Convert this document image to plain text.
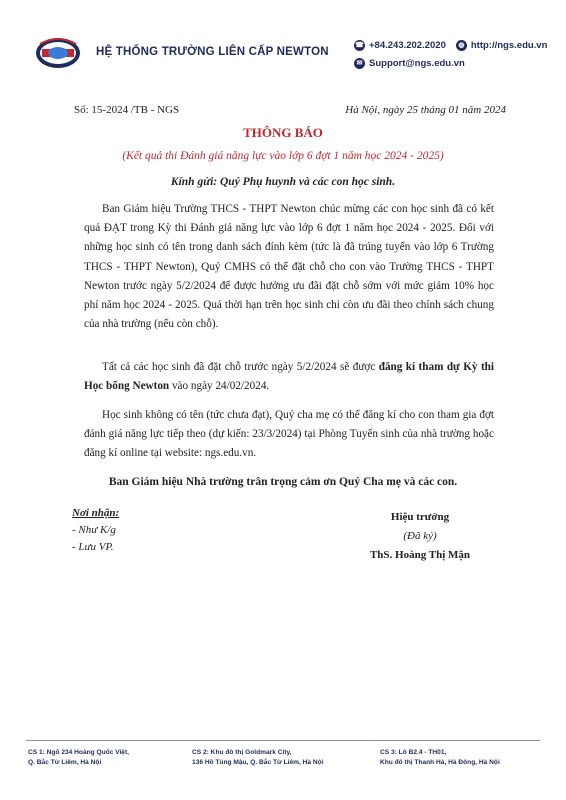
HỆ THỐNG TRƯỜNG LIÊN CẤP NEWTON
☎ +84.243.202.2020	◍ http://ngs.edu.vn
✉ Support@ngs.edu.vn
Số: 15-2024 /TB - NGS	Hà Nội, ngày 25 tháng 01 năm 2024
THÔNG BÁO
(Kết quả thi Đánh giá năng lực vào lớp 6 đợt 1 năm học 2024 - 2025)
Kính gửi: Quý Phụ huynh và các con học sinh.
Ban Giám hiệu Trường THCS - THPT Newton chúc mừng các con học sinh đã có kết quả ĐẠT trong Kỳ thi Đánh giá năng lực vào lớp 6 đợt 1 năm học 2024 - 2025. Đối với những học sinh có tên trong danh sách đính kèm (tức là đã trúng tuyển vào lớp 6 Trường THCS - THPT Newton), Quý CMHS có thể đặt chỗ cho con vào Trường THCS - THPT Newton trước ngày 5/2/2024 để được hưởng ưu đãi đặt chỗ sớm với mức giảm 10% học phí năm học 2024 - 2025. Quá thời hạn trên học sinh chỉ còn ưu đãi theo chính sách chung của nhà trường (nếu còn chỗ).
Tất cả các học sinh đã đặt chỗ trước ngày 5/2/2024 sẽ được đăng kí tham dự Kỳ thi Học bổng Newton vào ngày 24/02/2024.
Học sinh không có tên (tức chưa đạt), Quý cha mẹ có thể đăng kí cho con tham gia đợt đánh giá năng lực tiếp theo (dự kiến: 23/3/2024) tại Phòng Tuyển sinh của nhà trường hoặc đăng kí online tại website: ngs.edu.vn.
Ban Giám hiệu Nhà trường trân trọng cảm ơn Quý Cha mẹ và các con.
Nơi nhận:
- Như K/g
- Lưu VP.
Hiệu trưởng
(Đã ký)
ThS. Hoàng Thị Mận
CS 1: Ngõ 234 Hoàng Quốc Việt,
Q. Bắc Từ Liêm, Hà Nội
CS 2: Khu đô thị Goldmark City,
136 Hồ Tùng Mậu, Q. Bắc Từ Liêm, Hà Nội
CS 3: Lô B2.4 - TH01,
Khu đô thị Thanh Hà, Hà Đông, Hà Nội
